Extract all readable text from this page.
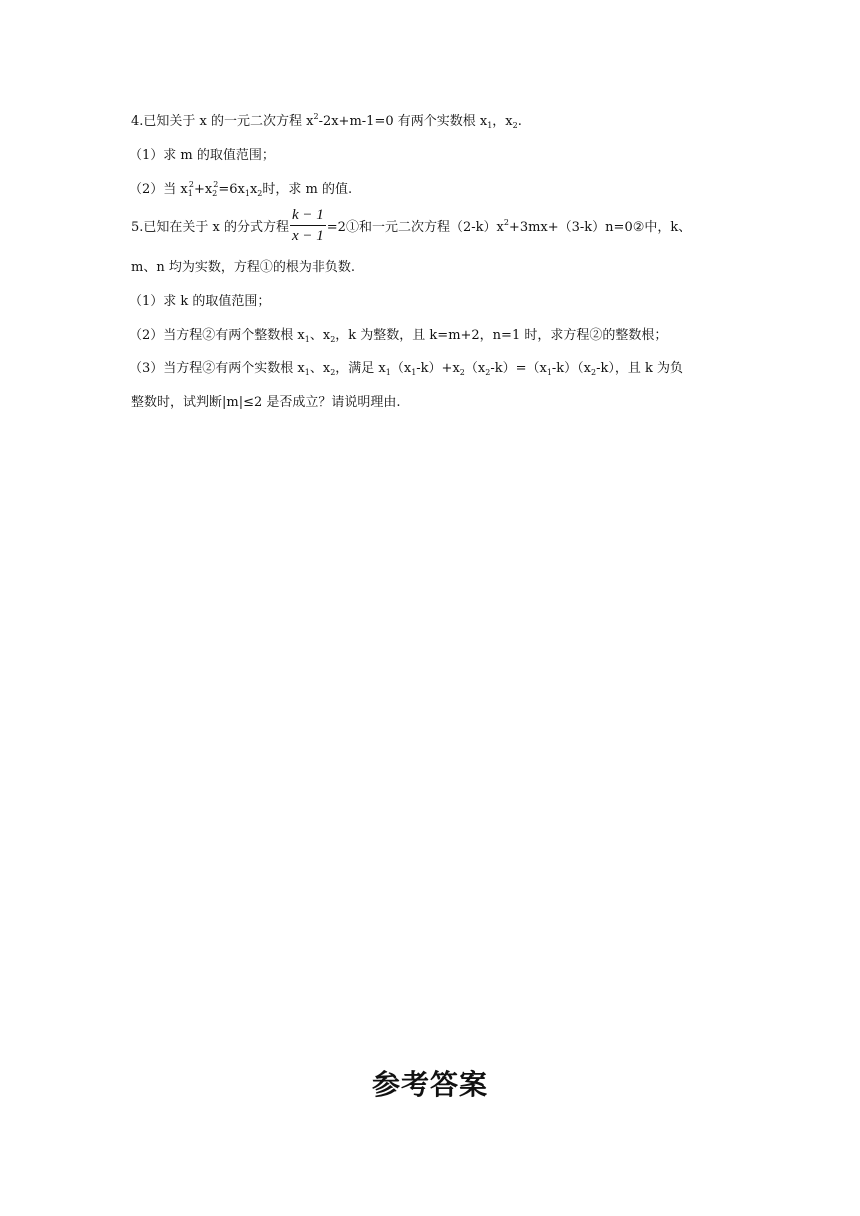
4.已知关于 x 的一元二次方程 $x^2-2x+m-1=0$ 有两个实数根 $x_1$，$x_2$.
（1）求 m 的取值范围；
（2）当 $x_1^2+x_2^2=6x_1x_2$时，求 m 的值.
5.已知在关于 x 的分式方程 $\frac{k - 1}{x - 1}$ =2①和一元二次方程$(2-k)x^2+3mx+(3-k)n=0②$中，k、
m、n 均为实数，方程①的根为非负数.
（1）求 k 的取值范围；
（2）当方程②有两个整数根 $x_1$、$x_2$，k 为整数，且 k=m+2，n=1 时，求方程②的整数根；
（3）当方程②有两个实数根 $x_1$、$x_2$，满足 $x_1(x_1-k)+x_2(x_2-k)=(x_1-k)(x_2-k)$，且 k 为负
整数时，试判断|m|≤2 是否成立？请说明理由.
参考答案
